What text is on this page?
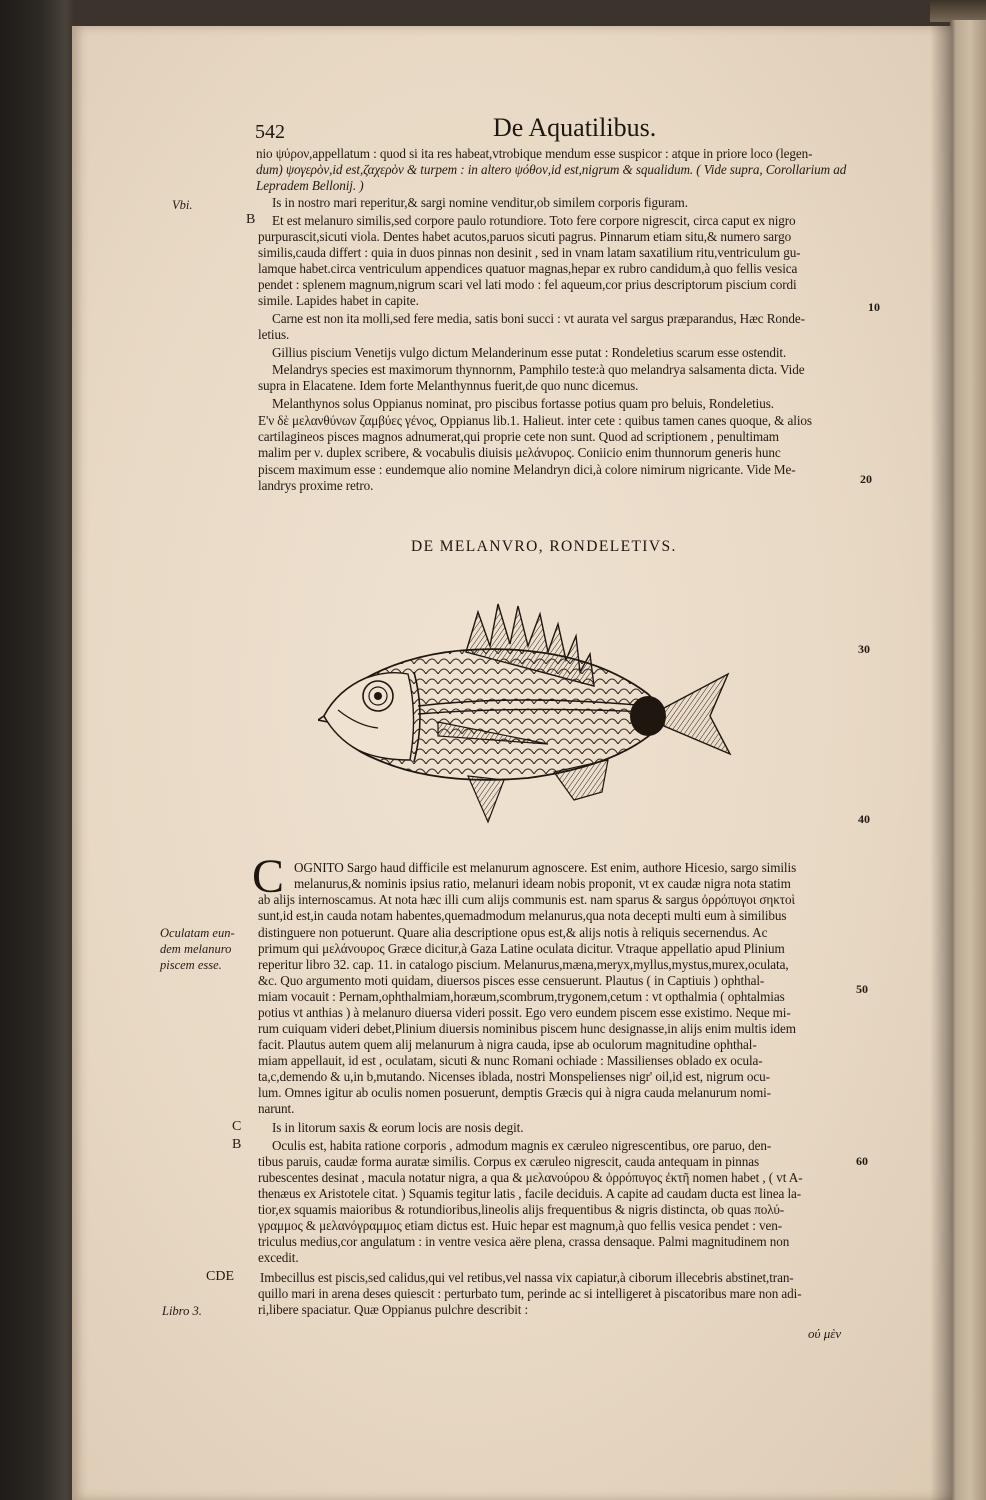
542	De Aquatilibus.
nio ψύρον,appellatum : quod si ita res habeat,vtrobique mendum esse suspicor : atque in priore loco (legen-
dum) ψογερὸν,id est,ζαχερὸν & turpem : in altero ψόθον,id est,nigrum & squalidum. ( Vide supra, Corollarium ad
Lepradem Bellonij. )
Is in nostro mari reperitur,& sargi nomine venditur,ob similem corporis figuram.
Et est melanuro similis,sed corpore paulo rotundiore. Toto fere corpore nigrescit, circa caput ex nigro
purpurascit,sicuti viola. Dentes habet acutos,paruos sicuti pagrus. Pinnarum etiam situ,& numero sargo
similis,cauda differt : quia in duos pinnas non desinit , sed in vnam latam saxatilium ritu,ventriculum gu-
lamque habet.circa ventriculum appendices quatuor magnas,hepar ex rubro candidum,à quo fellis vesica
pendet : splenem magnum,nigrum scari vel lati modo : fel aqueum,cor prius descriptorum piscium cordi
simile. Lapides habet in capite.
Carne est non ita molli,sed fere media, satis boni succi : vt aurata vel sargus præparandus, Hæc Ronde-
letius.
Gillius piscium Venetijs vulgo dictum Melanderinum esse putat : Rondeletius scarum esse ostendit.
Melandrys species est maximorum thynnornm, Pamphilo teste:à quo melandrya salsamenta dicta. Vide
supra in Elacatene. Idem forte Melanthynnus fuerit,de quo nunc dicemus.
Melanthynos solus Oppianus nominat, pro piscibus fortasse potius quam pro beluis, Rondeletius.
Ε'ν δὲ μελανθύνων ζαμβύες γένος, Oppianus lib.1. Halieut. inter cete : quibus tamen canes quoque, & alios
cartilagineos pisces magnos adnumerat,qui proprie cete non sunt. Quod ad scriptionem , penultimam
malim per ν. duplex scribere, & vocabulis diuisis μελάνυρος. Coniicio enim thunnorum generis hunc
piscem maximum esse : eundemque alio nomine Melandryn dici,à colore nimirum nigricante. Vide Me-
landrys proxime retro.
DE MELANVRO, RONDELETIVS.
C OGNITO Sargo haud difficile est melanurum agnoscere. Est enim, authore Hicesio, sargo similis
melanurus,& nominis ipsius ratio, melanuri ideam nobis proponit, vt ex caudæ nigra nota statim
ab alijs internoscamus. At nota hæc illi cum alijs communis est. nam sparus & sargus ὀρρόπυγοι σηκτοὶ
sunt,id est,in cauda notam habentes,quemadmodum melanurus,qua nota decepti multi eum à similibus
distinguere non potuerunt. Quare alia descriptione opus est,& alijs notis à reliquis secernendus. Ac
primum qui μελάνουρος Græce dicitur,à Gaza Latine oculata dicitur. Vtraque appellatio apud Plinium
reperitur libro 32. cap. 11. in catalogo piscium. Melanurus,mæna,meryx,myllus,mystus,murex,oculata,
&c. Quo argumento moti quidam, diuersos pisces esse censuerunt. Plautus ( in Captiuis ) ophthal-
miam vocauit : Pernam,ophthalmiam,horæum,scombrum,trygonem,cetum : vt opthalmia ( ophtalmias
potius vt anthias ) à melanuro diuersa videri possit. Ego vero eundem piscem esse existimo. Neque mi-
rum cuiquam videri debet,Plinium diuersis nominibus piscem hunc designasse,in alijs enim multis idem
facit. Plautus autem quem alij melanurum à nigra cauda, ipse ab oculorum magnitudine ophthal-
miam appellauit, id est , oculatam, sicuti & nunc Romani ochiade : Massilienses oblado ex ocula-
ta,c,demendo & u,in b,mutando. Nicenses iblada, nostri Monspelienses nigr' oil,id est, nigrum ocu-
lum. Omnes igitur ab oculis nomen posuerunt, demptis Græcis qui à nigra cauda melanurum nomi-
narunt.
Is in litorum saxis & eorum locis are nosis degit.
Oculis est, habita ratione corporis , admodum magnis ex cæruleo nigrescentibus, ore paruo, den-
tibus paruis, caudæ forma auratæ similis. Corpus ex cæruleo nigrescit, cauda antequam in pinnas
rubescentes desinat , macula notatur nigra, a qua & μελανούρου & ὀρρόπυγος ἐκτῆ nomen habet , ( vt A-
thenæus ex Aristotele citat. ) Squamis tegitur latis , facile deciduis. A capite ad caudam ducta est linea la-
tior,ex squamis maioribus & rotundioribus,lineolis alijs frequentibus & nigris distincta, ob quas πολύ-
γραμμος & μελανόγραμμος etiam dictus est. Huic hepar est magnum,à quo fellis vesica pendet : ven-
triculus medius,cor angulatum : in ventre vesica aëre plena, crassa densaque. Palmi magnitudinem non
excedit.
Imbecillus est piscis,sed calidus,qui vel retibus,vel nassa vix capiatur,à ciborum illecebris abstinet,tran-
quillo mari in arena deses quiescit : perturbato tum, perinde ac si intelligeret à piscatoribus mare non adi-
ri,libere spaciatur. Quæ Oppianus pulchre describit :
B
C
B
CDE
Vbi.
Oculatam eun-
dem melanuro
piscem esse.
Libro 3.
10
20
30
40
50
60
ού μὲν
